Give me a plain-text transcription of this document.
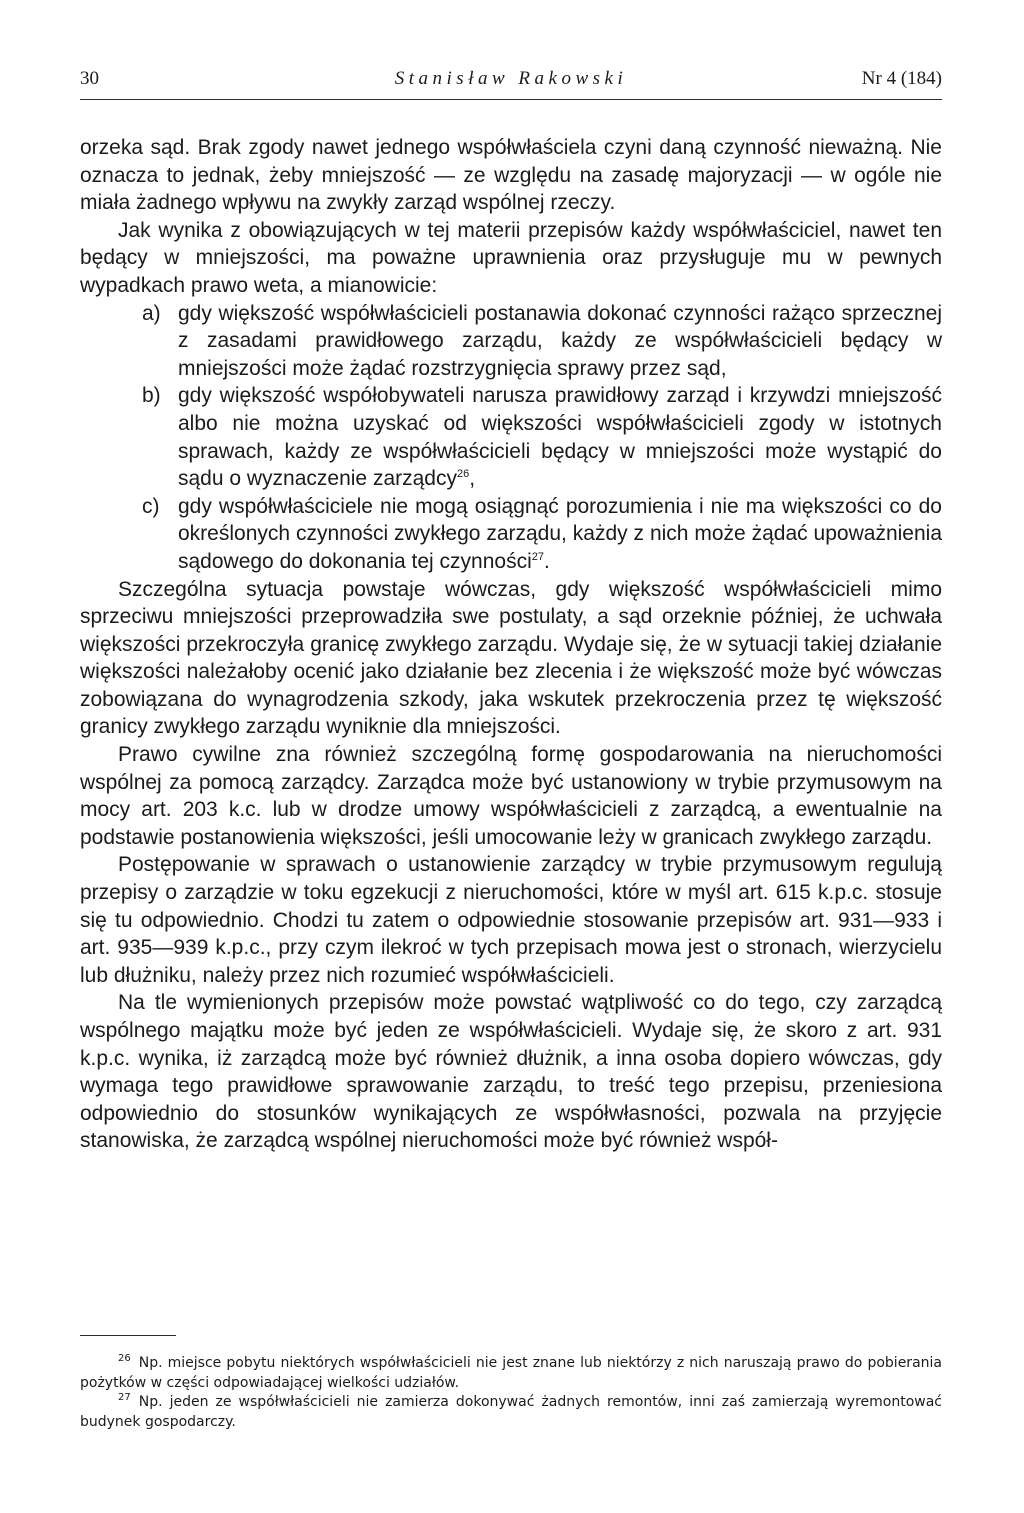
30	Stanisław Rakowski	Nr 4 (184)

orzeka sąd. Brak zgody nawet jednego współwłaściela czyni daną czynność nieważną. Nie oznacza to jednak, żeby mniejszość — ze względu na zasadę majoryzacji — w ogóle nie miała żadnego wpływu na zwykły zarząd wspólnej rzeczy.

Jak wynika z obowiązujących w tej materii przepisów każdy współwłaściciel, nawet ten będący w mniejszości, ma poważne uprawnienia oraz przysługuje mu w pewnych wypadkach prawo weta, a mianowicie:

a) gdy większość współwłaścicieli postanawia dokonać czynności rażąco sprzecznej z zasadami prawidłowego zarządu, każdy ze współwłaścicieli będący w mniejszości może żądać rozstrzygnięcia sprawy przez sąd,
b) gdy większość współobywateli narusza prawidłowy zarząd i krzywdzi mniejszość albo nie można uzyskać od większości współwłaścicieli zgody w istotnych sprawach, każdy ze współwłaścicieli będący w mniejszości może wystąpić do sądu o wyznaczenie zarządcy$^{26}$,
c) gdy współwłaściciele nie mogą osiągnąć porozumienia i nie ma większości co do określonych czynności zwykłego zarządu, każdy z nich może żądać upoważnienia sądowego do dokonania tej czynności$^{27}$.

Szczególna sytuacja powstaje wówczas, gdy większość współwłaścicieli mimo sprzeciwu mniejszości przeprowadziła swe postulaty, a sąd orzeknie później, że uchwała większości przekroczyła granicę zwykłego zarządu. Wydaje się, że w sytuacji takiej działanie większości należałoby ocenić jako działanie bez zlecenia i że większość może być wówczas zobowiązana do wynagrodzenia szkody, jaka wskutek przekroczenia przez tę większość granicy zwykłego zarządu wyniknie dla mniejszości.

Prawo cywilne zna również szczególną formę gospodarowania na nieruchomości wspólnej za pomocą zarządcy. Zarządca może być ustanowiony w trybie przymusowym na mocy art. 203 k.c. lub w drodze umowy współwłaścicieli z zarządcą, a ewentualnie na podstawie postanowienia większości, jeśli umocowanie leży w granicach zwykłego zarządu.

Postępowanie w sprawach o ustanowienie zarządcy w trybie przymusowym regulują przepisy o zarządzie w toku egzekucji z nieruchomości, które w myśl art. 615 k.p.c. stosuje się tu odpowiednio. Chodzi tu zatem o odpowiednie stosowanie przepisów art. 931—933 i art. 935—939 k.p.c., przy czym ilekroć w tych przepisach mowa jest o stronach, wierzycielu lub dłużniku, należy przez nich rozumieć współwłaścicieli.

Na tle wymienionych przepisów może powstać wątpliwość co do tego, czy zarządcą wspólnego majątku może być jeden ze współwłaścicieli. Wydaje się, że skoro z art. 931 k.p.c. wynika, iż zarządcą może być również dłużnik, a inna osoba dopiero wówczas, gdy wymaga tego prawidłowe sprawowanie zarządu, to treść tego przepisu, przeniesiona odpowiednio do stosunków wynikających ze współwłasności, pozwala na przyjęcie stanowiska, że zarządcą wspólnej nieruchomości może być również współ-

$^{26}$ Np. miejsce pobytu niektórych współwłaścicieli nie jest znane lub niektórzy z nich naruszają prawo do pobierania pożytków w części odpowiadającej wielkości udziałów.

$^{27}$ Np. jeden ze współwłaścicieli nie zamierza dokonywać żadnych remontów, inni zaś zamierzają wyremontować budynek gospodarczy.
